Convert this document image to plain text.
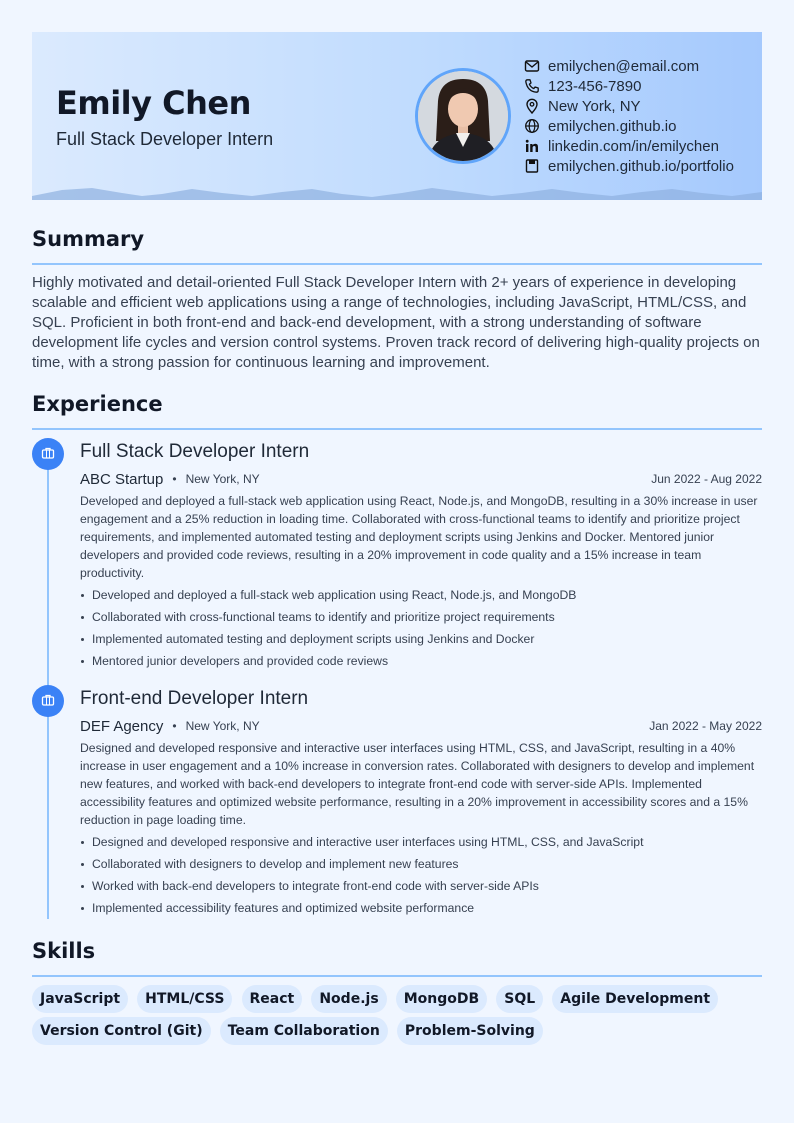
Emily Chen
Full Stack Developer Intern
emilychen@email.com
123-456-7890
New York, NY
emilychen.github.io
linkedin.com/in/emilychen
emilychen.github.io/portfolio
Summary
Highly motivated and detail-oriented Full Stack Developer Intern with 2+ years of experience in developing scalable and efficient web applications using a range of technologies, including JavaScript, HTML/CSS, and SQL. Proficient in both front-end and back-end development, with a strong understanding of software development life cycles and version control systems. Proven track record of delivering high-quality projects on time, with a strong passion for continuous learning and improvement.
Experience
Full Stack Developer Intern
ABC Startup • New York, NY	Jun 2022 - Aug 2022
Developed and deployed a full-stack web application using React, Node.js, and MongoDB, resulting in a 30% increase in user engagement and a 25% reduction in loading time. Collaborated with cross-functional teams to identify and prioritize project requirements, and implemented automated testing and deployment scripts using Jenkins and Docker. Mentored junior developers and provided code reviews, resulting in a 20% improvement in code quality and a 15% increase in team productivity.
Developed and deployed a full-stack web application using React, Node.js, and MongoDB
Collaborated with cross-functional teams to identify and prioritize project requirements
Implemented automated testing and deployment scripts using Jenkins and Docker
Mentored junior developers and provided code reviews
Front-end Developer Intern
DEF Agency • New York, NY	Jan 2022 - May 2022
Designed and developed responsive and interactive user interfaces using HTML, CSS, and JavaScript, resulting in a 40% increase in user engagement and a 10% increase in conversion rates. Collaborated with designers to develop and implement new features, and worked with back-end developers to integrate front-end code with server-side APIs. Implemented accessibility features and optimized website performance, resulting in a 20% improvement in accessibility scores and a 15% reduction in page loading time.
Designed and developed responsive and interactive user interfaces using HTML, CSS, and JavaScript
Collaborated with designers to develop and implement new features
Worked with back-end developers to integrate front-end code with server-side APIs
Implemented accessibility features and optimized website performance
Skills
JavaScript HTML/CSS React Node.js MongoDB SQL Agile Development
Version Control (Git) Team Collaboration Problem-Solving
